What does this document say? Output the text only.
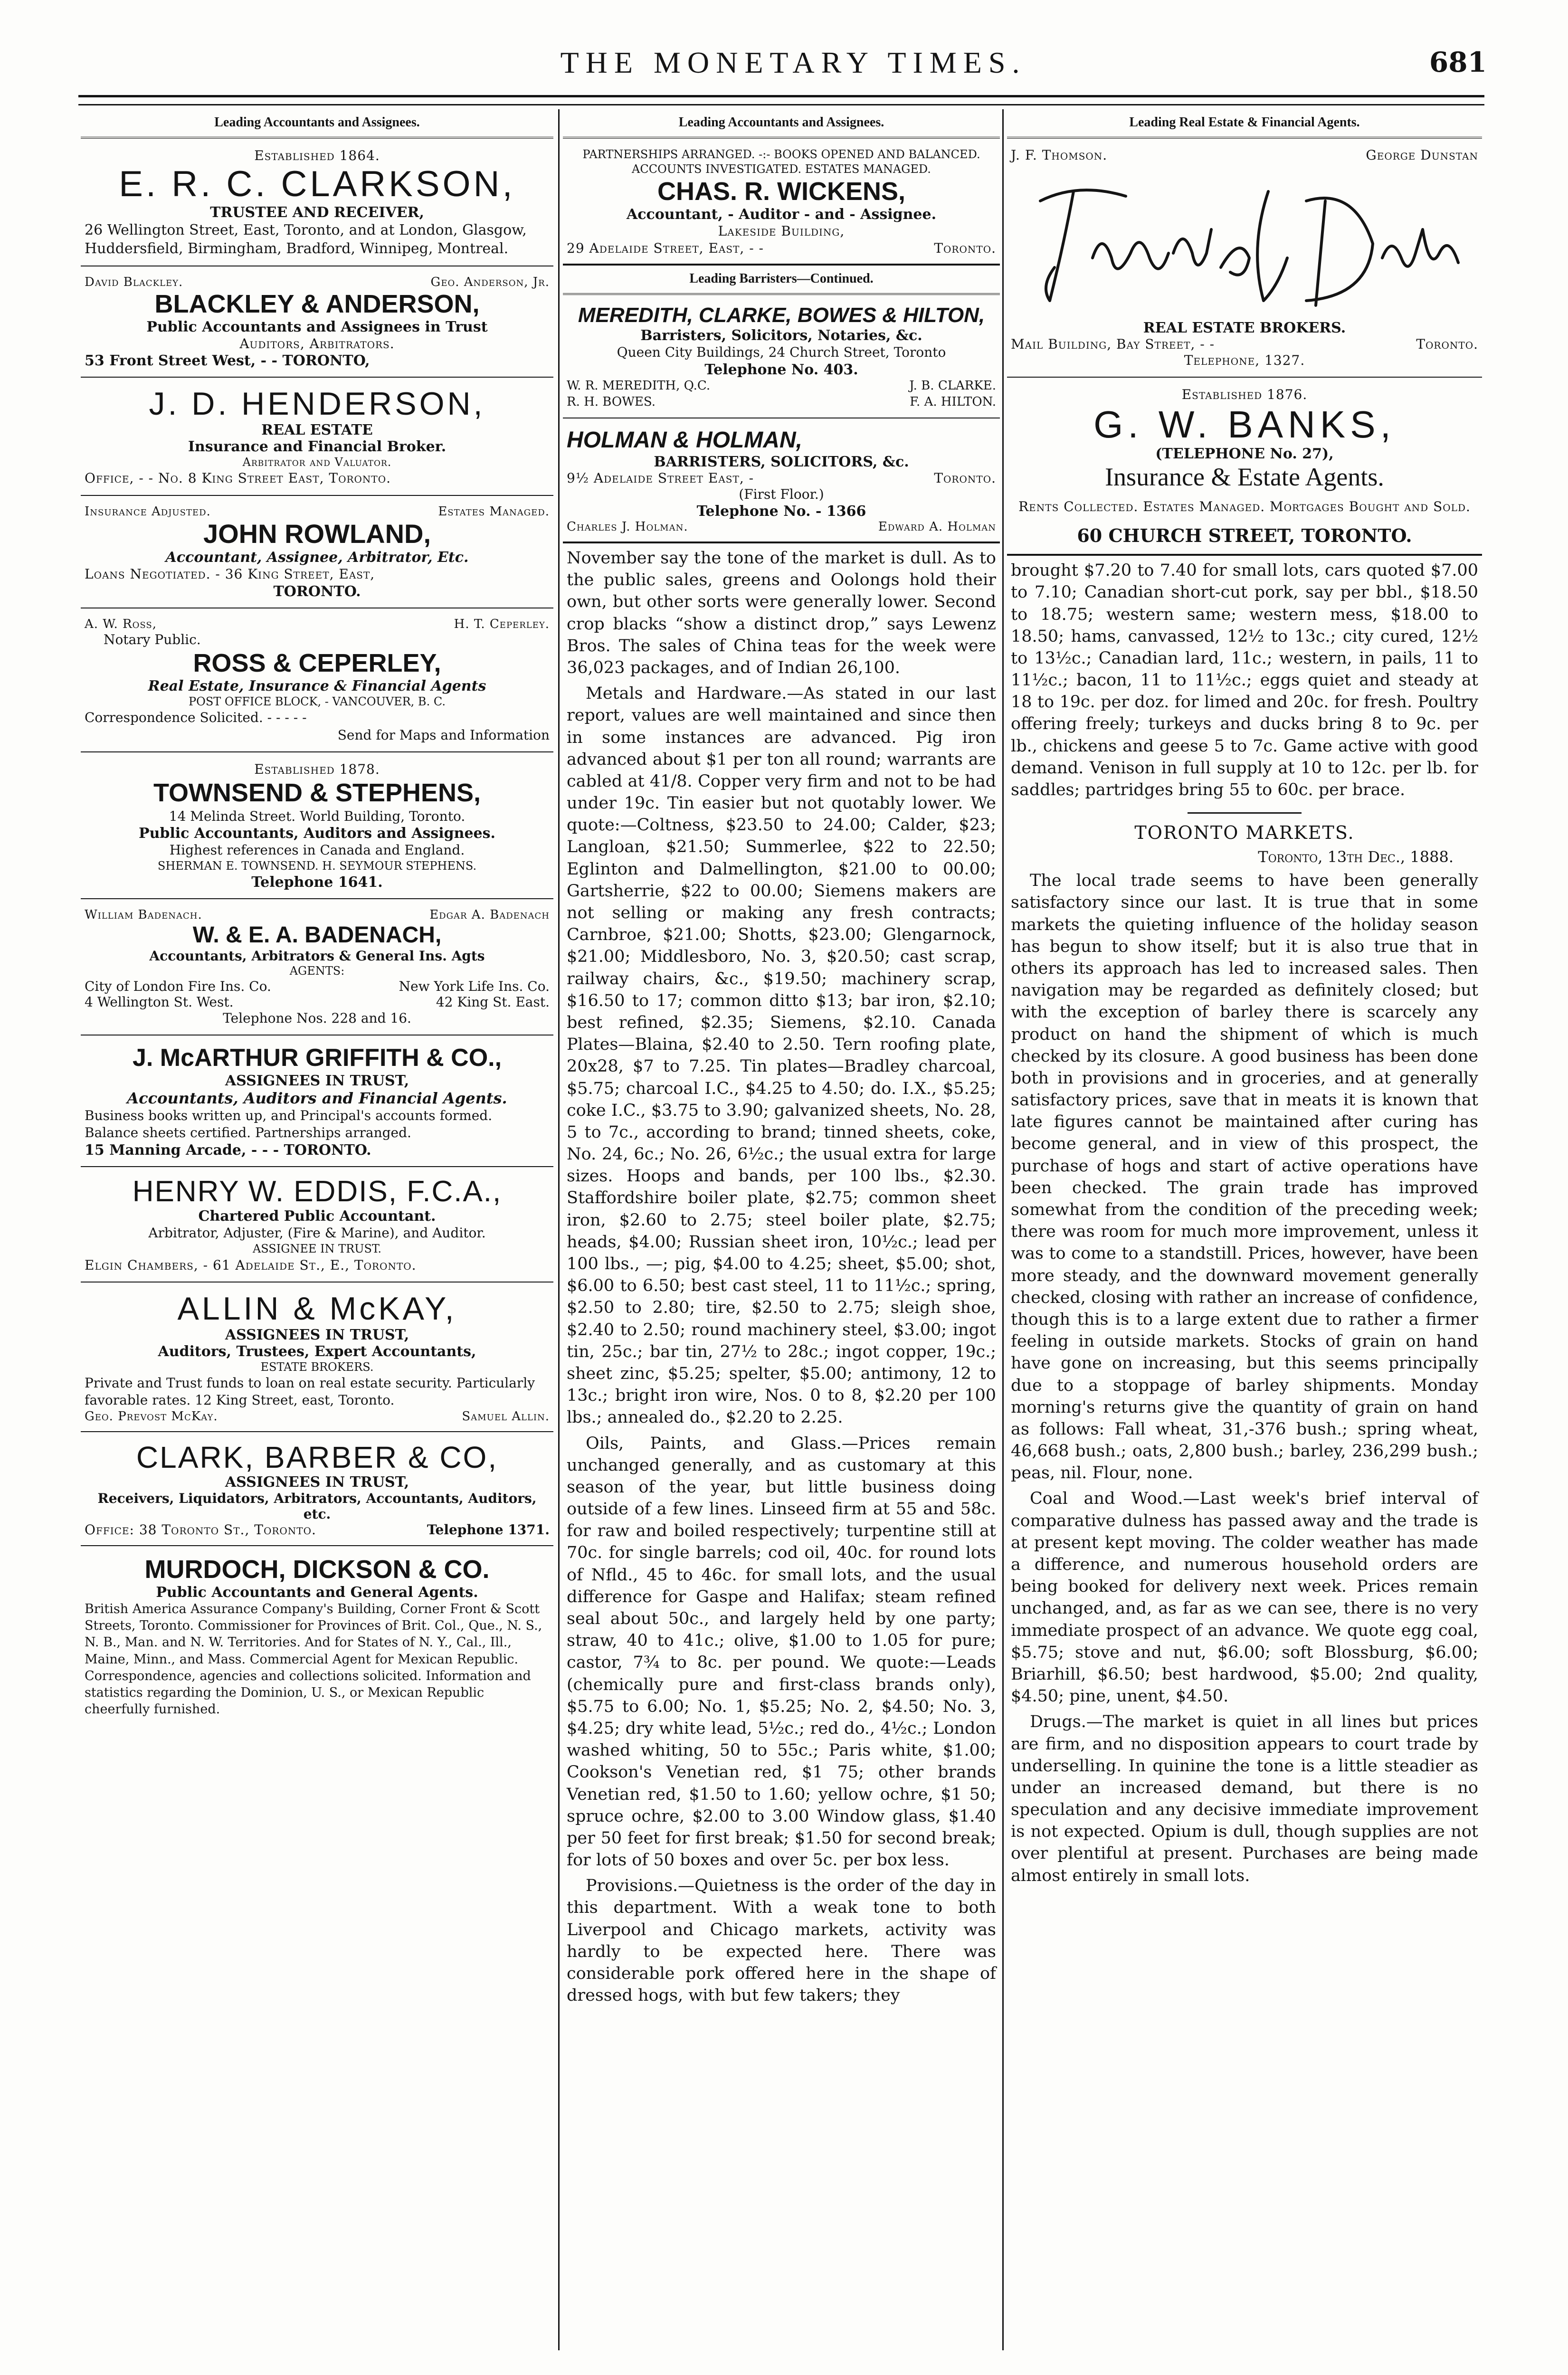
THE MONETARY TIMES.	681
Leading Accountants and Assignees.
Established 1864.
E. R. C. CLARKSON,
TRUSTEE AND RECEIVER,
26 Wellington Street, East, Toronto, and at London, Glasgow, Huddersfield, Birmingham, Bradford, Winnipeg, Montreal.
David Blackley.	Geo. Anderson, Jr.
BLACKLEY & ANDERSON,
Public Accountants and Assignees in Trust
Auditors, Arbitrators.
53 Front Street West, - - TORONTO,
J. D. HENDERSON,
REAL ESTATE
Insurance and Financial Broker.
Arbitrator and Valuator.
Office, - - No. 8 King Street East, Toronto.
Insurance Adjusted.	Estates Managed.
JOHN ROWLAND,
Accountant, Assignee, Arbitrator, Etc.
Loans Negotiated. - 36 King Street, East,
TORONTO.
A. W. Ross,	H. T. Ceperley.
Notary Public.
ROSS & CEPERLEY,
Real Estate, Insurance & Financial Agents
POST OFFICE BLOCK, - VANCOUVER, B. C.
Correspondence Solicited. - - - - -
Send for Maps and Information
Established 1878.
TOWNSEND & STEPHENS,
14 Melinda Street. World Building, Toronto.
Public Accountants, Auditors and Assignees.
Highest references in Canada and England.
SHERMAN E. TOWNSEND. H. SEYMOUR STEPHENS.
Telephone 1641.
William Badenach.	Edgar A. Badenach
W. & E. A. BADENACH,
Accountants, Arbitrators & General Ins. Agts
AGENTS:
City of London Fire Ins. Co.	New York Life Ins. Co.
4 Wellington St. West.	42 King St. East.
Telephone Nos. 228 and 16.
J. McARTHUR GRIFFITH & CO.,
ASSIGNEES IN TRUST,
Accountants, Auditors and Financial Agents.
Business books written up, and Principal's accounts formed. Balance sheets certified. Partnerships arranged.
15 Manning Arcade, - - - TORONTO.
HENRY W. EDDIS, F.C.A.,
Chartered Public Accountant.
Arbitrator, Adjuster, (Fire & Marine), and Auditor.
ASSIGNEE IN TRUST.
Elgin Chambers, - 61 Adelaide St., E., Toronto.
ALLIN & McKAY,
ASSIGNEES IN TRUST,
Auditors, Trustees, Expert Accountants,
ESTATE BROKERS.
Private and Trust funds to loan on real estate security. Particularly favorable rates. 12 King Street, east, Toronto.
Geo. Prevost McKay.	Samuel Allin.
CLARK, BARBER & CO,
ASSIGNEES IN TRUST,
Receivers, Liquidators, Arbitrators, Accountants, Auditors, etc.
Office: 38 Toronto St., Toronto.	Telephone 1371.
MURDOCH, DICKSON & CO.
Public Accountants and General Agents.
British America Assurance Company's Building, Corner Front & Scott Streets, Toronto. Commissioner for Provinces of Brit. Col., Que., N. S., N. B., Man. and N. W. Territories. And for States of N. Y., Cal., Ill., Maine, Minn., and Mass. Commercial Agent for Mexican Republic. Correspondence, agencies and collections solicited. Information and statistics regarding the Dominion, U. S., or Mexican Republic cheerfully furnished.
Leading Accountants and Assignees.
PARTNERSHIPS ARRANGED. -:- BOOKS OPENED AND BALANCED. ACCOUNTS INVESTIGATED. ESTATES MANAGED.
CHAS. R. WICKENS,
Accountant, - Auditor - and - Assignee.
Lakeside Building,
29 Adelaide Street, East, - -	Toronto.
Leading Barristers—Continued.
MEREDITH, CLARKE, BOWES & HILTON,
Barristers, Solicitors, Notaries, &c.
Queen City Buildings, 24 Church Street, Toronto
Telephone No. 403.
W. R. MEREDITH, Q.C.	J. B. CLARKE.
R. H. BOWES.	F. A. HILTON.
HOLMAN & HOLMAN,
BARRISTERS, SOLICITORS, &c.
9½ Adelaide Street East, -	Toronto.
(First Floor.)
Telephone No. - 1366
Charles J. Holman.	Edward A. Holman

November say the tone of the market is dull. As to the public sales, greens and Oolongs hold their own, but other sorts were generally lower. Second crop blacks “show a distinct drop,” says Lewenz Bros. The sales of China teas for the week were 36,023 packages, and of Indian 26,100.

Metals and Hardware.—As stated in our last report, values are well maintained and since then in some instances are advanced. Pig iron advanced about $1 per ton all round; warrants are cabled at 41/8. Copper very firm and not to be had under 19c. Tin easier but not quotably lower. We quote:—Coltness, $23.50 to 24.00; Calder, $23; Langloan, $21.50; Summerlee, $22 to 22.50; Eglinton and Dalmellington, $21.00 to 00.00; Gartsherrie, $22 to 00.00; Siemens makers are not selling or making any fresh contracts; Carnbroe, $21.00; Shotts, $23.00; Glengarnock, $21.00; Middlesboro, No. 3, $20.50; cast scrap, railway chairs, &c., $19.50; machinery scrap, $16.50 to 17; common ditto $13; bar iron, $2.10; best refined, $2.35; Siemens, $2.10. Canada Plates—Blaina, $2.40 to 2.50. Tern roofing plate, 20x28, $7 to 7.25. Tin plates—Bradley charcoal, $5.75; charcoal I.C., $4.25 to 4.50; do. I.X., $5.25; coke I.C., $3.75 to 3.90; galvanized sheets, No. 28, 5 to 7c., according to brand; tinned sheets, coke, No. 24, 6c.; No. 26, 6½c.; the usual extra for large sizes. Hoops and bands, per 100 lbs., $2.30. Staffordshire boiler plate, $2.75; common sheet iron, $2.60 to 2.75; steel boiler plate, $2.75; heads, $4.00; Russian sheet iron, 10½c.; lead per 100 lbs., —; pig, $4.00 to 4.25; sheet, $5.00; shot, $6.00 to 6.50; best cast steel, 11 to 11½c.; spring, $2.50 to 2.80; tire, $2.50 to 2.75; sleigh shoe, $2.40 to 2.50; round machinery steel, $3.00; ingot tin, 25c.; bar tin, 27½ to 28c.; ingot copper, 19c.; sheet zinc, $5.25; spelter, $5.00; antimony, 12 to 13c.; bright iron wire, Nos. 0 to 8, $2.20 per 100 lbs.; annealed do., $2.20 to 2.25.

Oils, Paints, and Glass.—Prices remain unchanged generally, and as customary at this season of the year, but little business doing outside of a few lines. Linseed firm at 55 and 58c. for raw and boiled respectively; turpentine still at 70c. for single barrels; cod oil, 40c. for round lots of Nfld., 45 to 46c. for small lots, and the usual difference for Gaspe and Halifax; steam refined seal about 50c., and largely held by one party; straw, 40 to 41c.; olive, $1.00 to 1.05 for pure; castor, 7¾ to 8c. per pound. We quote:—Leads (chemically pure and first-class brands only), $5.75 to 6.00; No. 1, $5.25; No. 2, $4.50; No. 3, $4.25; dry white lead, 5½c.; red do., 4½c.; London washed whiting, 50 to 55c.; Paris white, $1.00; Cookson's Venetian red, $1 75; other brands Venetian red, $1.50 to 1.60; yellow ochre, $1 50; spruce ochre, $2.00 to 3.00 Window glass, $1.40 per 50 feet for first break; $1.50 for second break; for lots of 50 boxes and over 5c. per box less.

Provisions.—Quietness is the order of the day in this department. With a weak tone to both Liverpool and Chicago markets, activity was hardly to be expected here. There was considerable pork offered here in the shape of dressed hogs, with but few takers; they

Leading Real Estate & Financial Agents.
J. F. Thomson.	George Dunstan
REAL ESTATE BROKERS.
Mail Building, Bay Street, - -	Toronto.
Telephone, 1327.
Established 1876.
G. W. BANKS,
(TELEPHONE No. 27),
Insurance & Estate Agents.
Rents Collected. Estates Managed. Mortgages Bought and Sold.
60 CHURCH STREET, TORONTO.

brought $7.20 to 7.40 for small lots, cars quoted $7.00 to 7.10; Canadian short-cut pork, say per bbl., $18.50 to 18.75; western same; western mess, $18.00 to 18.50; hams, canvassed, 12½ to 13c.; city cured, 12½ to 13½c.; Canadian lard, 11c.; western, in pails, 11 to 11½c.; bacon, 11 to 11½c.; eggs quiet and steady at 18 to 19c. per doz. for limed and 20c. for fresh. Poultry offering freely; turkeys and ducks bring 8 to 9c. per lb., chickens and geese 5 to 7c. Game active with good demand. Venison in full supply at 10 to 12c. per lb. for saddles; partridges bring 55 to 60c. per brace.

TORONTO MARKETS.
Toronto, 13th Dec., 1888.

The local trade seems to have been generally satisfactory since our last. It is true that in some markets the quieting influence of the holiday season has begun to show itself; but it is also true that in others its approach has led to increased sales. Then navigation may be regarded as definitely closed; but with the exception of barley there is scarcely any product on hand the shipment of which is much checked by its closure. A good business has been done both in provisions and in groceries, and at generally satisfactory prices, save that in meats it is known that late figures cannot be maintained after curing has become general, and in view of this prospect, the purchase of hogs and start of active operations have been checked. The grain trade has improved somewhat from the condition of the preceding week; there was room for much more improvement, unless it was to come to a standstill. Prices, however, have been more steady, and the downward movement generally checked, closing with rather an increase of confidence, though this is to a large extent due to rather a firmer feeling in outside markets. Stocks of grain on hand have gone on increasing, but this seems principally due to a stoppage of barley shipments. Monday morning's returns give the quantity of grain on hand as follows: Fall wheat, 31,-376 bush.; spring wheat, 46,668 bush.; oats, 2,800 bush.; barley, 236,299 bush.; peas, nil. Flour, none.

Coal and Wood.—Last week's brief interval of comparative dulness has passed away and the trade is at present kept moving. The colder weather has made a difference, and numerous household orders are being booked for delivery next week. Prices remain unchanged, and, as far as we can see, there is no very immediate prospect of an advance. We quote egg coal, $5.75; stove and nut, $6.00; soft Blossburg, $6.00; Briarhill, $6.50; best hardwood, $5.00; 2nd quality, $4.50; pine, unent, $4.50.

Drugs.—The market is quiet in all lines but prices are firm, and no disposition appears to court trade by underselling. In quinine the tone is a little steadier as under an increased demand, but there is no speculation and any decisive immediate improvement is not expected. Opium is dull, though supplies are not over plentiful at present. Purchases are being made almost entirely in small lots.
